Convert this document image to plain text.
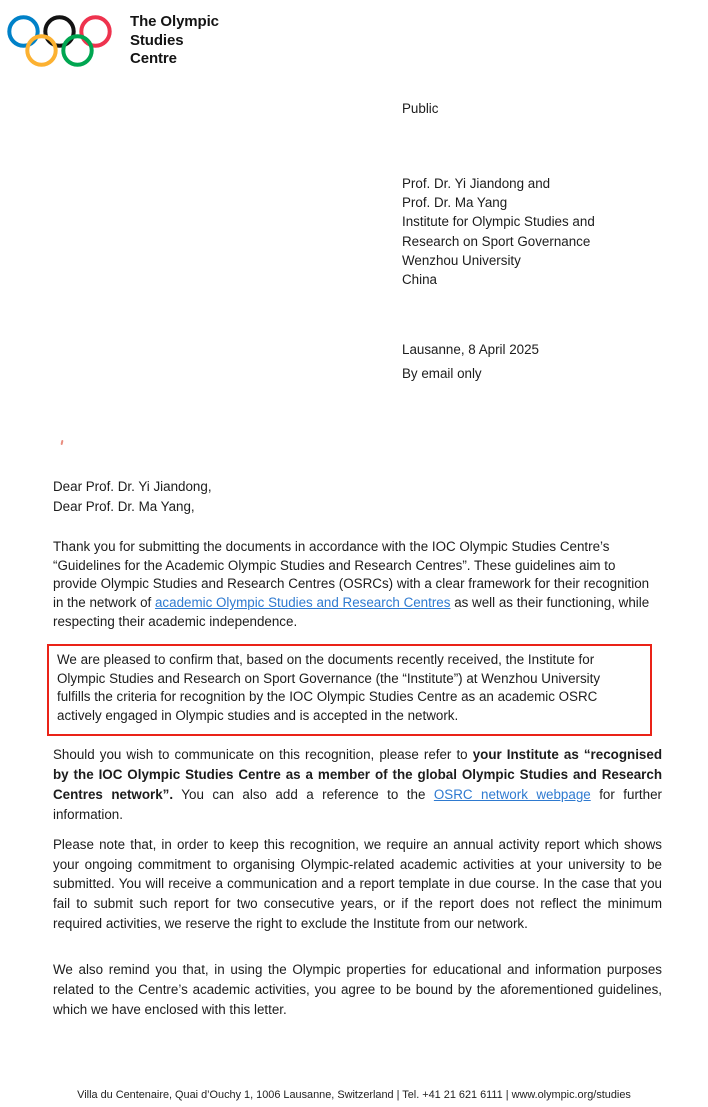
The Olympic
Studies
Centre
Public
Prof. Dr. Yi Jiandong and
Prof. Dr. Ma Yang
Institute for Olympic Studies and
Research on Sport Governance
Wenzhou University
China
Lausanne, 8 April 2025
By email only
Dear Prof. Dr. Yi Jiandong,
Dear Prof. Dr. Ma Yang,

Thank you for submitting the documents in accordance with the IOC Olympic Studies Centre’s “Guidelines for the Academic Olympic Studies and Research Centres”. These guidelines aim to provide Olympic Studies and Research Centres (OSRCs) with a clear framework for their recognition in the network of academic Olympic Studies and Research Centres as well as their functioning, while respecting their academic independence.

We are pleased to confirm that, based on the documents recently received, the Institute for Olympic Studies and Research on Sport Governance (the “Institute”) at Wenzhou University fulfills the criteria for recognition by the IOC Olympic Studies Centre as an academic OSRC actively engaged in Olympic studies and is accepted in the network.

Should you wish to communicate on this recognition, please refer to your Institute as “recognised by the IOC Olympic Studies Centre as a member of the global Olympic Studies and Research Centres network”. You can also add a reference to the OSRC network webpage for further information.

Please note that, in order to keep this recognition, we require an annual activity report which shows your ongoing commitment to organising Olympic-related academic activities at your university to be submitted. You will receive a communication and a report template in due course. In the case that you fail to submit such report for two consecutive years, or if the report does not reflect the minimum required activities, we reserve the right to exclude the Institute from our network.

We also remind you that, in using the Olympic properties for educational and information purposes related to the Centre’s academic activities, you agree to be bound by the aforementioned guidelines, which we have enclosed with this letter.

Villa du Centenaire, Quai d’Ouchy 1, 1006 Lausanne, Switzerland | Tel. +41 21 621 6111 | www.olympic.org/studies
